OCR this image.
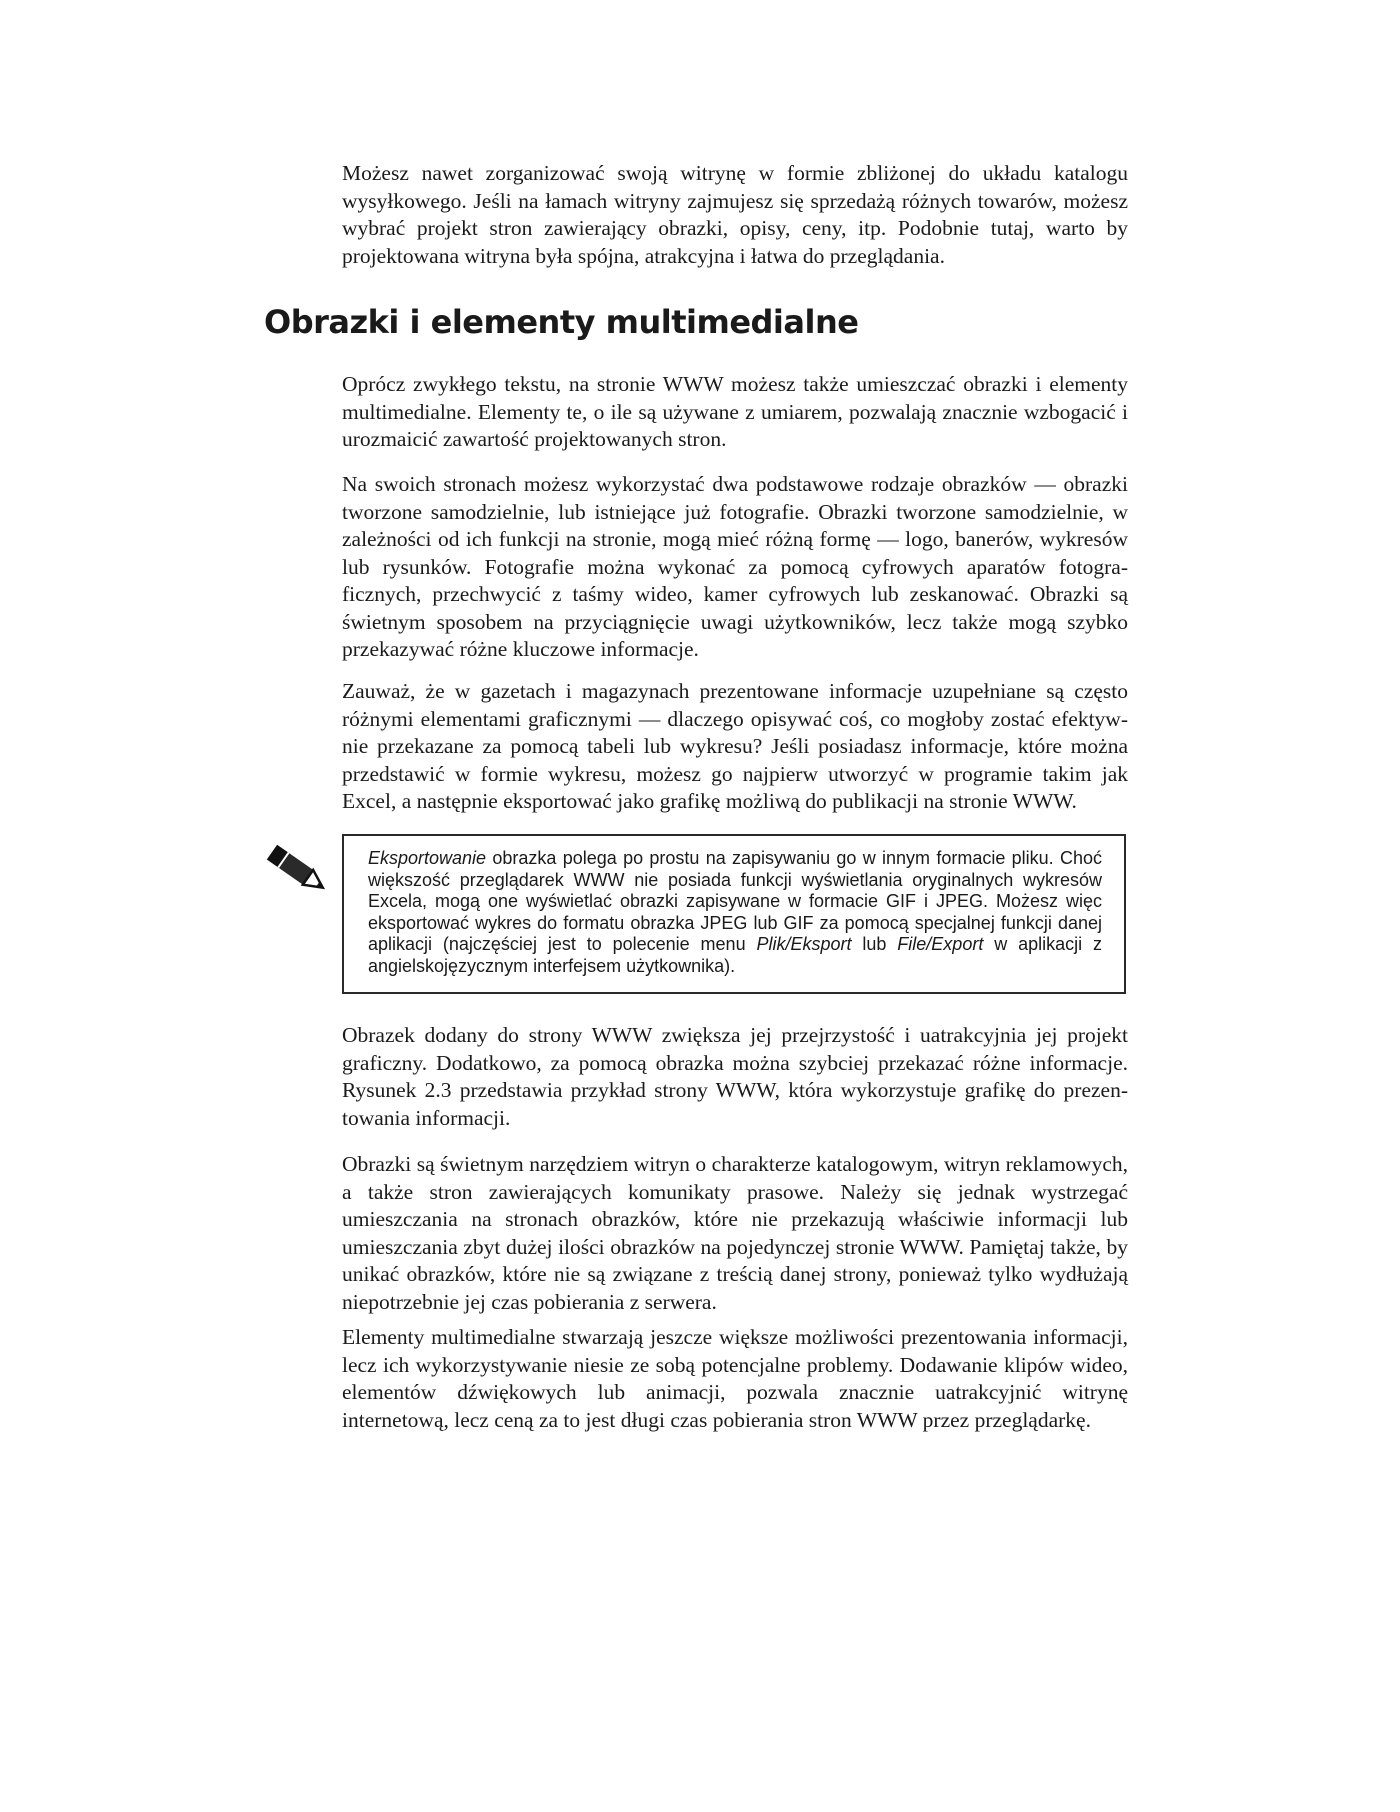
Możesz nawet zorganizować swoją witrynę w formie zbliżonej do układu katalogu wysyłkowego. Jeśli na łamach witryny zajmujesz się sprzedażą różnych towarów, możesz wybrać projekt stron zawierający obrazki, opisy, ceny, itp. Podobnie tutaj, warto by projektowana witryna była spójna, atrakcyjna i łatwa do przeglądania.

Obrazki i elementy multimedialne

Oprócz zwykłego tekstu, na stronie WWW możesz także umieszczać obrazki i elementy multimedialne. Elementy te, o ile są używane z umiarem, pozwalają znacznie wzbogacić i urozmaicić zawartość projektowanych stron.

Na swoich stronach możesz wykorzystać dwa podstawowe rodzaje obrazków — obrazki tworzone samodzielnie, lub istniejące już fotografie. Obrazki tworzone samodzielnie, w zależności od ich funkcji na stronie, mogą mieć różną formę — logo, banerów, wykresów lub rysunków. Fotografie można wykonać za pomocą cyfrowych aparatów fotograficznych, przechwycić z taśmy wideo, kamer cyfrowych lub zeskanować. Obrazki są świetnym sposobem na przyciągnięcie uwagi użytkowników, lecz także mogą szybko przekazywać różne kluczowe informacje.

Zauważ, że w gazetach i magazynach prezentowane informacje uzupełniane są często różnymi elementami graficznymi — dlaczego opisywać coś, co mogłoby zostać efektywnie przekazane za pomocą tabeli lub wykresu? Jeśli posiadasz informacje, które można przedstawić w formie wykresu, możesz go najpierw utworzyć w programie takim jak Excel, a następnie eksportować jako grafikę możliwą do publikacji na stronie WWW.

Eksportowanie obrazka polega po prostu na zapisywaniu go w innym formacie pliku. Choć większość przeglądarek WWW nie posiada funkcji wyświetlania oryginalnych wykresów Excela, mogą one wyświetlać obrazki zapisywane w formacie GIF i JPEG. Możesz więc eksportować wykres do formatu obrazka JPEG lub GIF za pomocą specjalnej funkcji danej aplikacji (najczęściej jest to polecenie menu Plik/Eksport lub File/Export w aplikacji z angielskojęzycznym interfejsem użytkownika).

Obrazek dodany do strony WWW zwiększa jej przejrzystość i uatrakcyjnia jej projekt graficzny. Dodatkowo, za pomocą obrazka można szybciej przekazać różne informacje. Rysunek 2.3 przedstawia przykład strony WWW, która wykorzystuje grafikę do prezentowania informacji.

Obrazki są świetnym narzędziem witryn o charakterze katalogowym, witryn reklamowych, a także stron zawierających komunikaty prasowe. Należy się jednak wystrzegać umieszczania na stronach obrazków, które nie przekazują właściwie informacji lub umieszczania zbyt dużej ilości obrazków na pojedynczej stronie WWW. Pamiętaj także, by unikać obrazków, które nie są związane z treścią danej strony, ponieważ tylko wydłużają niepotrzebnie jej czas pobierania z serwera.

Elementy multimedialne stwarzają jeszcze większe możliwości prezentowania informacji, lecz ich wykorzystywanie niesie ze sobą potencjalne problemy. Dodawanie klipów wideo, elementów dźwiękowych lub animacji, pozwala znacznie uatrakcyjnić witrynę internetową, lecz ceną za to jest długi czas pobierania stron WWW przez przeglądarkę.
